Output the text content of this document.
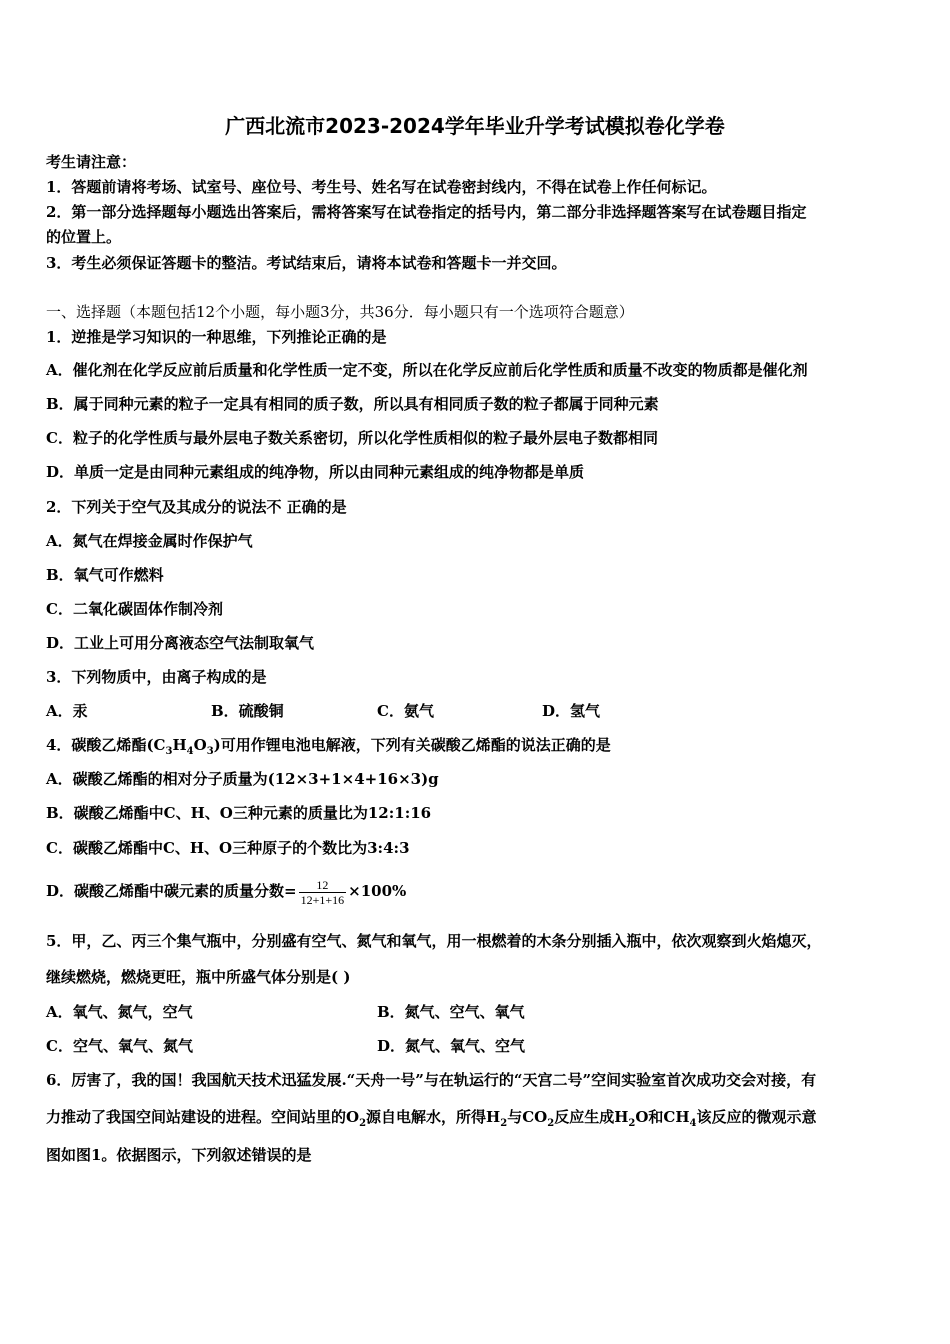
广西北流市2023-2024学年毕业升学考试模拟卷化学卷
考生请注意：
1．答题前请将考场、试室号、座位号、考生号、姓名写在试卷密封线内，不得在试卷上作任何标记。
2．第一部分选择题每小题选出答案后，需将答案写在试卷指定的括号内，第二部分非选择题答案写在试卷题目指定
的位置上。
3．考生必须保证答题卡的整洁。考试结束后，请将本试卷和答题卡一并交回。
一、选择题（本题包括12个小题，每小题3分，共36分．每小题只有一个选项符合题意）
1．逆推是学习知识的一种思维，下列推论正确的是
A．催化剂在化学反应前后质量和化学性质一定不变，所以在化学反应前后化学性质和质量不改变的物质都是催化剂
B．属于同种元素的粒子一定具有相同的质子数，所以具有相同质子数的粒子都属于同种元素
C．粒子的化学性质与最外层电子数关系密切，所以化学性质相似的粒子最外层电子数都相同
D．单质一定是由同种元素组成的纯净物，所以由同种元素组成的纯净物都是单质
2．下列关于空气及其成分的说法不 正确的是
A．氮气在焊接金属时作保护气
B．氧气可作燃料
C．二氧化碳固体作制冷剂
D．工业上可用分离液态空气法制取氧气
3．下列物质中，由离子构成的是
A．汞	B．硫酸铜	C．氨气	D．氢气
4．碳酸乙烯酯$(C_3H_4O_3)$可用作锂电池电解液，下列有关碳酸乙烯酯的说法正确的是
A．碳酸乙烯酯的相对分子质量为(12×3+1×4+16×3)g
B．碳酸乙烯酯中C、H、O三种元素的质量比为12:1:16
C．碳酸乙烯酯中C、H、O三种原子的个数比为3:4:3
D．碳酸乙烯酯中碳元素的质量分数= $\frac{12}{12+1+16} \times 100\%$
5．甲，乙、丙三个集气瓶中，分别盛有空气、氮气和氧气，用一根燃着的木条分别插入瓶中，依次观察到火焰熄灭，
继续燃烧，燃烧更旺，瓶中所盛气体分别是( )
A．氧气、氮气，空气	B．氮气、空气、氧气
C．空气、氧气、氮气	D．氮气、氧气、空气
6．厉害了，我的国！我国航天技术迅猛发展.“天舟一号”与在轨运行的“天宫二号”空间实验室首次成功交会对接，有
力推动了我国空间站建设的进程。空间站里的$O_2$源自电解水，所得$H_2$与$CO_2$反应生成$H_2O$和$CH_4$该反应的微观示意
图如图1。依据图示，下列叙述错误的是
